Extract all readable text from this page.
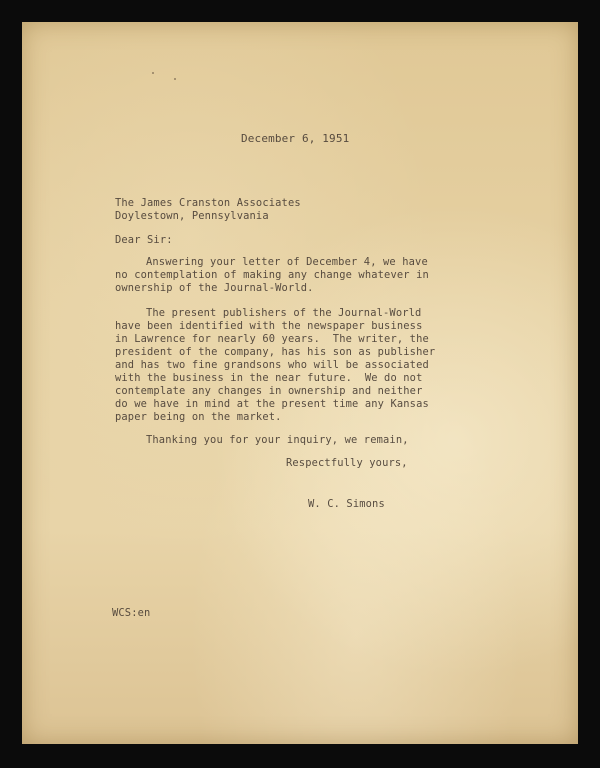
December 6, 1951
The James Cranston Associates
Doylestown, Pennsylvania
Dear Sir:
Answering your letter of December 4, we have
no contemplation of making any change whatever in
ownership of the Journal-World.
The present publishers of the Journal-World
have been identified with the newspaper business
in Lawrence for nearly 60 years.  The writer, the
president of the company, has his son as publisher
and has two fine grandsons who will be associated
with the business in the near future.  We do not
contemplate any changes in ownership and neither
do we have in mind at the present time any Kansas
paper being on the market.
Thanking you for your inquiry, we remain,
Respectfully yours,
W. C. Simons
WCS:en
